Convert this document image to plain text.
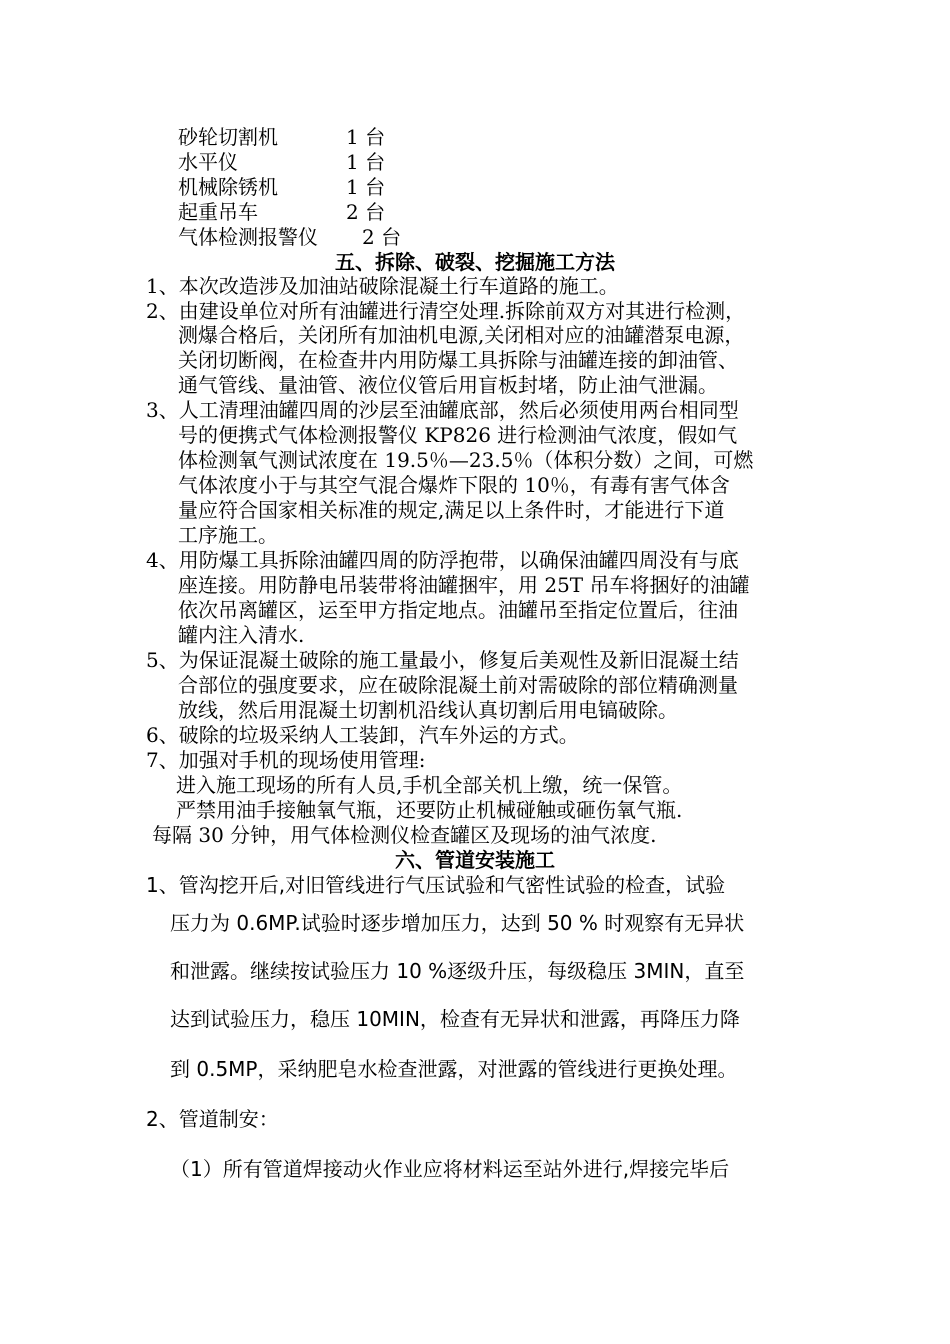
砂轮切割机	1 台
水平仪	1 台
机械除锈机	1 台
起重吊车	2 台
气体检测报警仪 2 台
五、拆除、破裂、挖掘施工方法
1、本次改造涉及加油站破除混凝土行车道路的施工。
2、由建设单位对所有油罐进行清空处理.拆除前双方对其进行检测，
测爆合格后，关闭所有加油机电源,关闭相对应的油罐潜泵电源，
关闭切断阀，在检查井内用防爆工具拆除与油罐连接的卸油管、
通气管线、量油管、液位仪管后用盲板封堵，防止油气泄漏。
3、人工清理油罐四周的沙层至油罐底部，然后必须使用两台相同型
号的便携式气体检测报警仪 KP826 进行检测油气浓度，假如气
体检测氧气测试浓度在 19.5％—23.5％（体积分数）之间，可燃
气体浓度小于与其空气混合爆炸下限的 10％，有毒有害气体含
量应符合国家相关标准的规定,满足以上条件时，才能进行下道
工序施工。
4、用防爆工具拆除油罐四周的防浮抱带，以确保油罐四周没有与底
座连接。用防静电吊装带将油罐捆牢，用 25T 吊车将捆好的油罐
依次吊离罐区，运至甲方指定地点。油罐吊至指定位置后，往油
罐内注入清水.
5、为保证混凝土破除的施工量最小，修复后美观性及新旧混凝土结
合部位的强度要求，应在破除混凝土前对需破除的部位精确测量
放线，然后用混凝土切割机沿线认真切割后用电镐破除。
6、破除的垃圾采纳人工装卸，汽车外运的方式。
7、加强对手机的现场使用管理:
进入施工现场的所有人员,手机全部关机上缴，统一保管。
严禁用油手接触氧气瓶，还要防止机械碰触或砸伤氧气瓶.
每隔 30 分钟，用气体检测仪检查罐区及现场的油气浓度.
六、管道安装施工
1、管沟挖开后,对旧管线进行气压试验和气密性试验的检查，试验
压力为 0.6MP.试验时逐步增加压力，达到 50 % 时观察有无异状
和泄露。继续按试验压力 10 %逐级升压，每级稳压 3MIN，直至
达到试验压力，稳压 10MIN，检查有无异状和泄露，再降压力降
到 0.5MP，采纳肥皂水检查泄露，对泄露的管线进行更换处理。
2、管道制安：
（1）所有管道焊接动火作业应将材料运至站外进行,焊接完毕后
